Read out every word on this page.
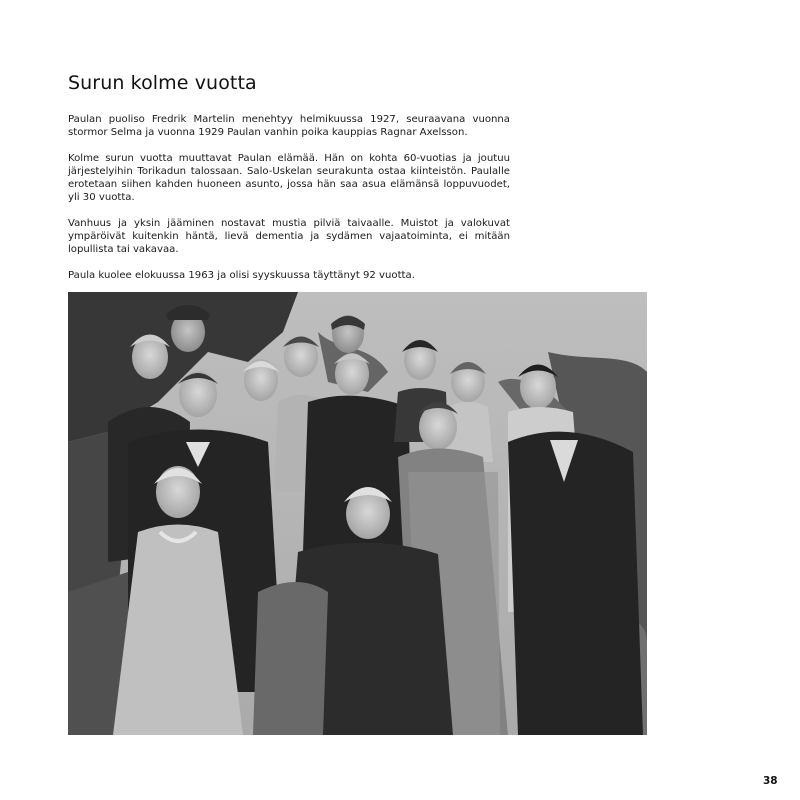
Surun kolme vuotta

Paulan puoliso Fredrik Martelin menehtyy helmikuussa 1927, seuraavana vuonna stormor Selma ja vuonna 1929 Paulan vanhin poika kauppias Ragnar Axelsson.

Kolme surun vuotta muuttavat Paulan elämää. Hän on kohta 60-vuotias ja joutuu järjestelyihin Torikadun talossaan. Salo-Uskelan seurakunta ostaa kiinteistön. Paulalle erotetaan siihen kahden huoneen asunto, jossa hän saa asua elämänsä loppuvuodet, yli 30 vuotta.

Vanhuus ja yksin jääminen nostavat mustia pilviä taivaalle. Muistot ja valokuvat ympäröivät kuitenkin häntä, lievä dementia ja sydämen vajaatoiminta, ei mitään lopullista tai vakavaa.

Paula kuolee elokuussa 1963 ja olisi syyskuussa täyttänyt 92 vuotta.

38
